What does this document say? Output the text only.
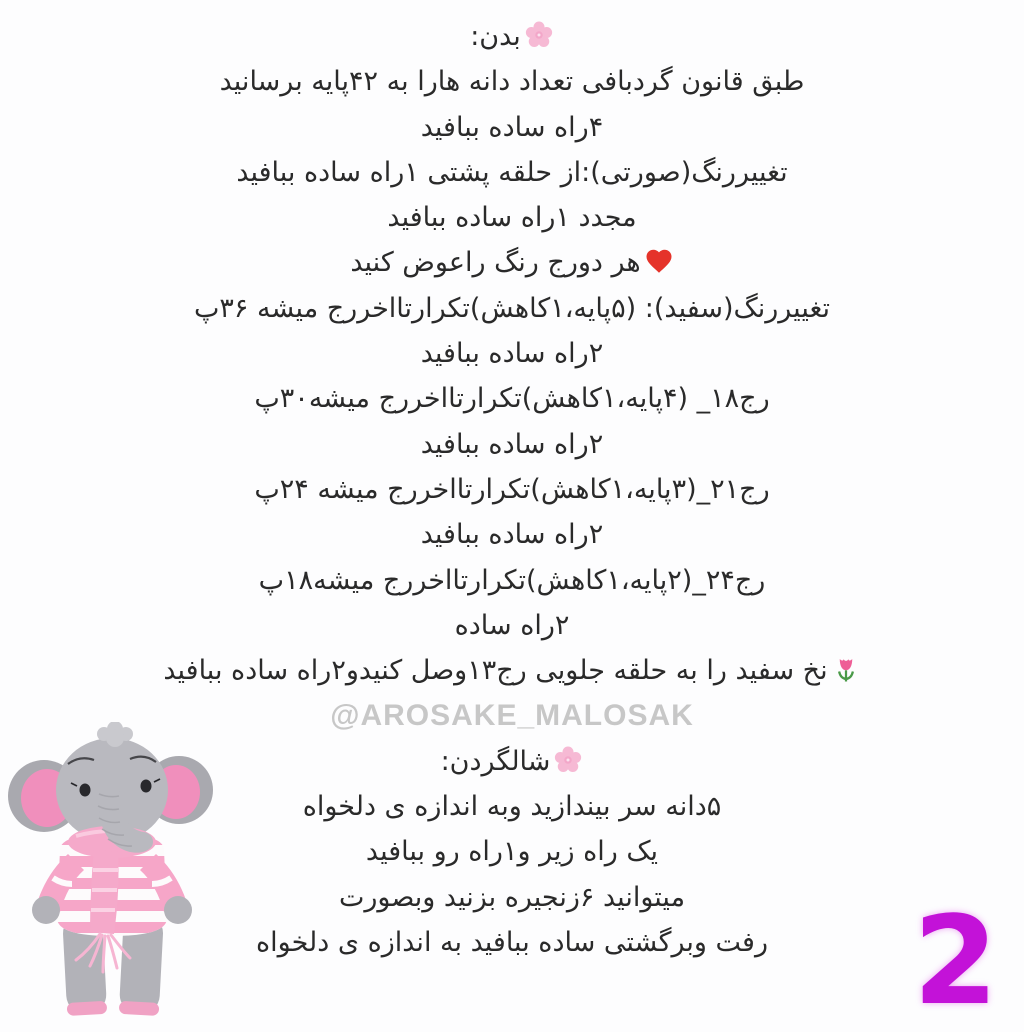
بدن:
طبق قانون گردبافی تعداد دانه هارا به ۴۲پایه برسانید
۴راه ساده ببافید
تغییررنگ(صورتی):از حلقه پشتی ۱راه ساده ببافید
مجدد ۱راه ساده ببافید
هر دورج رنگ راعوض کنید
تغییررنگ(سفید): (۵پایه،۱کاهش)تکرارتااخررج میشه ۳۶پ
۲راه ساده ببافید
رج۱۸_ (۴پایه،۱کاهش)تکرارتااخررج میشه۳۰پ
۲راه ساده ببافید
رج۲۱_(۳پایه،۱کاهش)تکرارتااخررج میشه ۲۴پ
۲راه ساده ببافید
رج۲۴_(۲پایه،۱کاهش)تکرارتااخررج میشه۱۸پ
۲راه ساده
نخ سفید را به حلقه جلویی رج۱۳وصل کنیدو۲راه ساده ببافید
@AROSAKE_MALOSAK
شالگردن:
۵دانه سر بیندازید وبه اندازه ی دلخواه
یک راه زیر و۱راه رو ببافید
میتوانید ۶زنجیره بزنید وبصورت
رفت وبرگشتی ساده ببافید به اندازه ی دلخواه	2
